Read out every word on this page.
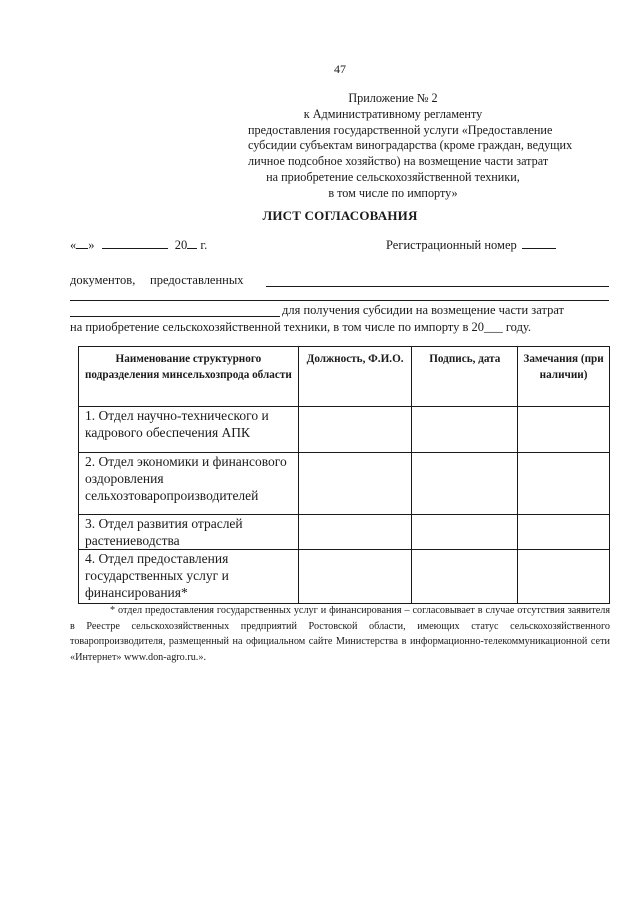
47
Приложение № 2
к Административному регламенту
предоставления государственной услуги «Предоставление
субсидии субъектам виноградарства (кроме граждан, ведущих
личное подсобное хозяйство) на возмещение части затрат
на приобретение сельскохозяйственной техники,
в том числе по импорту»
ЛИСТ СОГЛАСОВАНИЯ
« »	20 г.	Регистрационный номер
документов, предоставленных
для получения субсидии на возмещение части затрат
на приобретение сельскохозяйственной техники, в том числе по импорту в 20___ году.
Наименование структурного подразделения минсельхозпрода области	Должность, Ф.И.О.	Подпись, дата	Замечания (при наличии)
1. Отдел научно-технического и кадрового обеспечения АПК			
2. Отдел экономики и финансового оздоровления сельхозтоваропроизводителей			
3. Отдел развития отраслей растениеводства			
4. Отдел предоставления государственных услуг и финансирования*			
* отдел предоставления государственных услуг и финансирования – согласовывает в случае отсутствия заявителя в Реестре сельскохозяйственных предприятий Ростовской области, имеющих статус сельскохозяйственного товаропроизводителя, размещенный на официальном сайте Министерства в информационно-телекоммуникационной сети «Интернет» www.don-agro.ru.».
